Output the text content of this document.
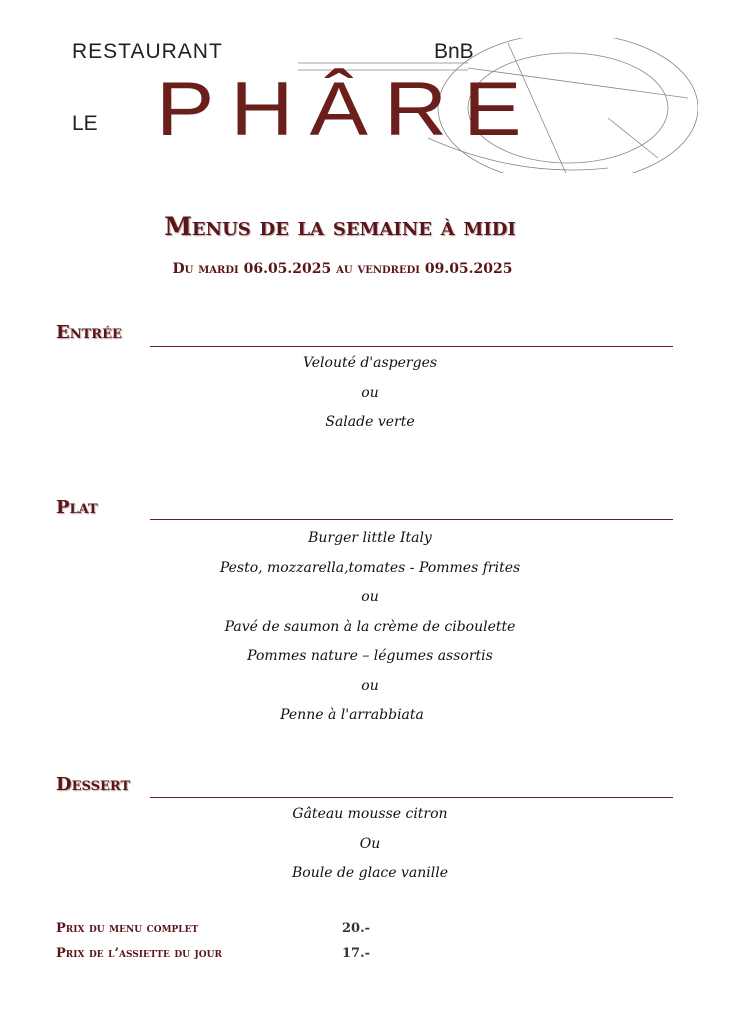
RESTAURANT	BnB
LE PHÂRE
Menus de la semaine à midi
Du mardi 06.05.2025 au vendredi 09.05.2025
Entrée
Velouté d'asperges
ou
Salade verte
Plat
Burger little Italy
Pesto, mozzarella,tomates - Pommes frites
ou
Pavé de saumon à la crème de ciboulette
Pommes nature – légumes assortis
ou
Penne à l'arrabbiata
Dessert
Gâteau mousse citron
Ou
Boule de glace vanille
Prix du menu complet	20.-
Prix de l’assiette du jour	17.-
